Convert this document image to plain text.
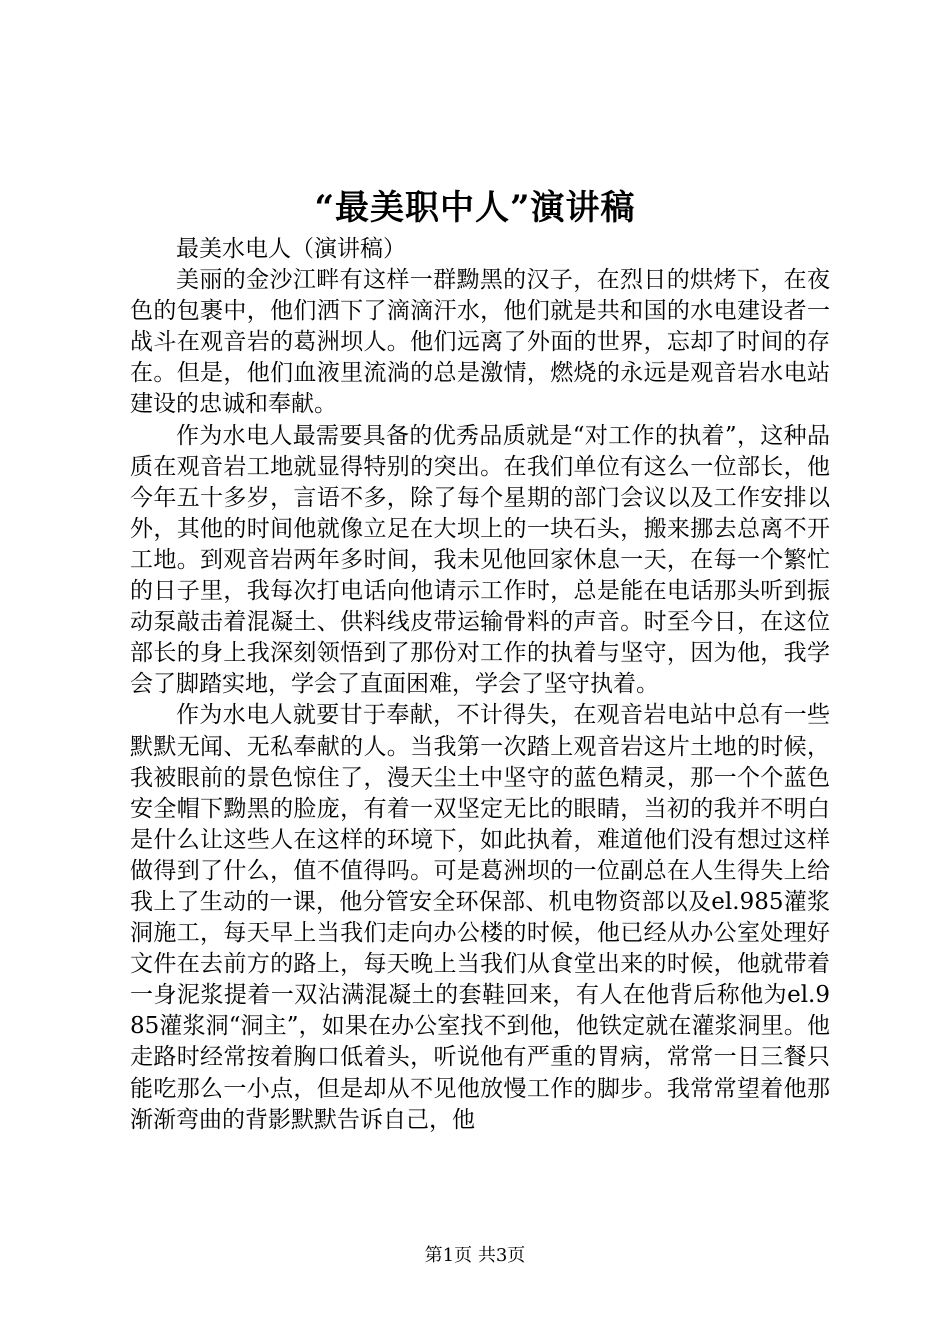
“最美职中人”演讲稿

最美水电人（演讲稿）

美丽的金沙江畔有这样一群黝黑的汉子，在烈日的烘烤下，在夜色的包裹中，他们洒下了滴滴汗水，他们就是共和国的水电建设者一战斗在观音岩的葛洲坝人。他们远离了外面的世界，忘却了时间的存在。但是，他们血液里流淌的总是激情，燃烧的永远是观音岩水电站建设的忠诚和奉献。

作为水电人最需要具备的优秀品质就是“对工作的执着”，这种品质在观音岩工地就显得特别的突出。在我们单位有这么一位部长，他今年五十多岁，言语不多，除了每个星期的部门会议以及工作安排以外，其他的时间他就像立足在大坝上的一块石头，搬来挪去总离不开工地。到观音岩两年多时间，我未见他回家休息一天，在每一个繁忙的日子里，我每次打电话向他请示工作时，总是能在电话那头听到振动泵敲击着混凝土、供料线皮带运输骨料的声音。时至今日，在这位部长的身上我深刻领悟到了那份对工作的执着与坚守，因为他，我学会了脚踏实地，学会了直面困难，学会了坚守执着。

作为水电人就要甘于奉献，不计得失，在观音岩电站中总有一些默默无闻、无私奉献的人。当我第一次踏上观音岩这片土地的时候，我被眼前的景色惊住了，漫天尘土中坚守的蓝色精灵，那一个个蓝色安全帽下黝黑的脸庞，有着一双坚定无比的眼睛，当初的我并不明白是什么让这些人在这样的环境下，如此执着，难道他们没有想过这样做得到了什么，值不值得吗。可是葛洲坝的一位副总在人生得失上给我上了生动的一课，他分管安全环保部、机电物资部以及el.985灌浆洞施工，每天早上当我们走向办公楼的时候，他已经从办公室处理好文件在去前方的路上，每天晚上当我们从食堂出来的时候，他就带着一身泥浆提着一双沾满混凝土的套鞋回来，有人在他背后称他为el.985灌浆洞“洞主”，如果在办公室找不到他，他铁定就在灌浆洞里。他走路时经常按着胸口低着头，听说他有严重的胃病，常常一日三餐只能吃那么一小点，但是却从不见他放慢工作的脚步。我常常望着他那渐渐弯曲的背影默默告诉自己，他

第1页 共3页
